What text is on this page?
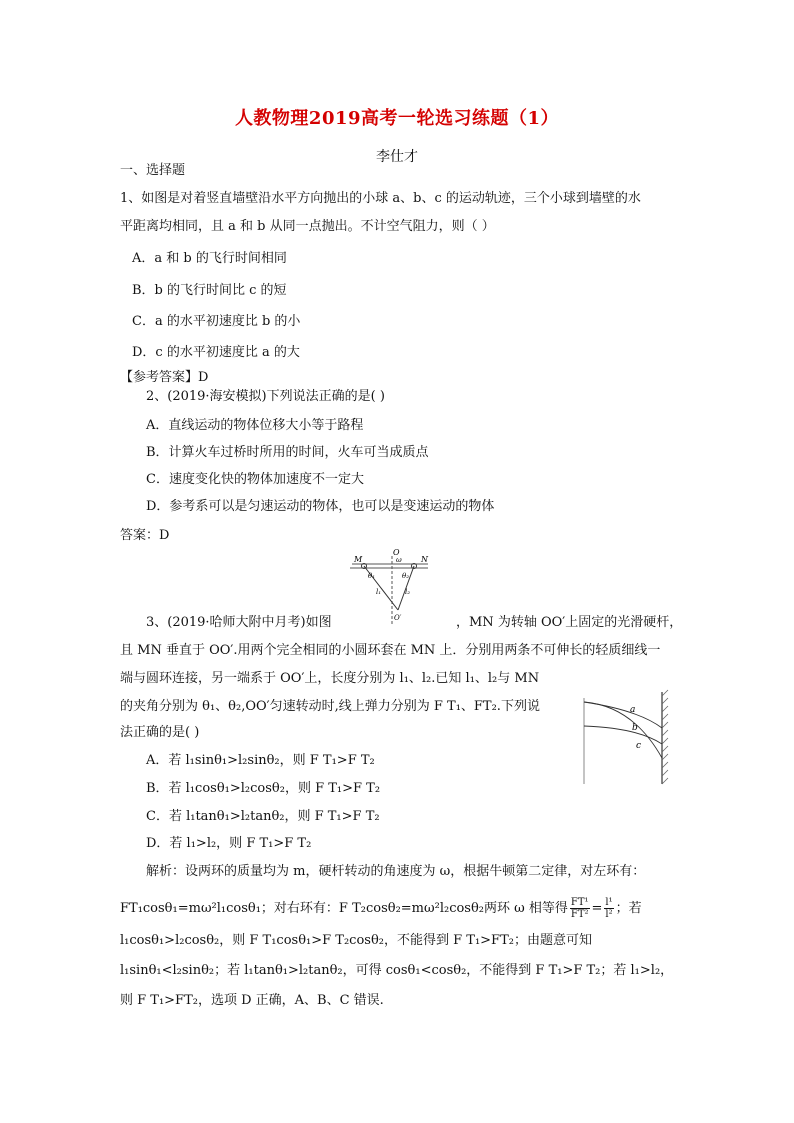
人教物理2019高考一轮选习练题（1）
李仕才
一、选择题
1、如图是对着竖直墙壁沿水平方向抛出的小球 a、b、c 的运动轨迹，三个小球到墙壁的水
平距离均相同，且 a 和 b 从同一点抛出。不计空气阻力，则（ ）
A．a 和 b 的飞行时间相同
B．b 的飞行时间比 c 的短
C．a 的水平初速度比 b 的小
D．c 的水平初速度比 a 的大
【参考答案】D
2、(2019·海安模拟)下列说法正确的是( )
A．直线运动的物体位移大小等于路程
B．计算火车过桥时所用的时间，火车可当成质点
C．速度变化快的物体加速度不一定大
D．参考系可以是匀速运动的物体，也可以是变速运动的物体
答案：D
M
O
ω N
θ₁	θ₂
l₁	l₂
O′
3、(2019·哈师大附中月考)如图	，MN 为转轴 OO′上固定的光滑硬杆，
且 MN 垂直于 OO′.用两个完全相同的小圆环套在 MN 上．分别用两条不可伸长的轻质细线一
端与圆环连接，另一端系于 OO′上，长度分别为 l₁、l₂.已知 l₁、l₂与 MN
的夹角分别为 θ₁、θ₂,OO′匀速转动时,线上弹力分别为 F T₁、FT₂.下列说
法正确的是( )
a
b
c
A．若 l₁sinθ₁>l₂sinθ₂，则 F T₁>F T₂
B．若 l₁cosθ₁>l₂cosθ₂，则 F T₁>F T₂
C．若 l₁tanθ₁>l₂tanθ₂，则 F T₁>F T₂
D．若 l₁>l₂，则 F T₁>F T₂
解析：设两环的质量均为 m，硬杆转动的角速度为 ω，根据牛顿第二定律，对左环有：
FT₁cosθ₁=mω²l₁cosθ₁；对右环有：F T₂cosθ₂=mω²l₂cosθ₂两环 ω 相等得 $\frac{\text{FT¹}}{\text{FT²}} = \frac{\text{l¹}}{\text{l²}}$ ；若
l₁cosθ₁>l₂cosθ₂，则 F T₁cosθ₁>F T₂cosθ₂，不能得到 F T₁>FT₂；由题意可知
l₁sinθ₁<l₂sinθ₂；若 l₁tanθ₁>l₂tanθ₂，可得 cosθ₁<cosθ₂，不能得到 F T₁>F T₂；若 l₁>l₂，
则 F T₁>FT₂，选项 D 正确，A、B、C 错误.
